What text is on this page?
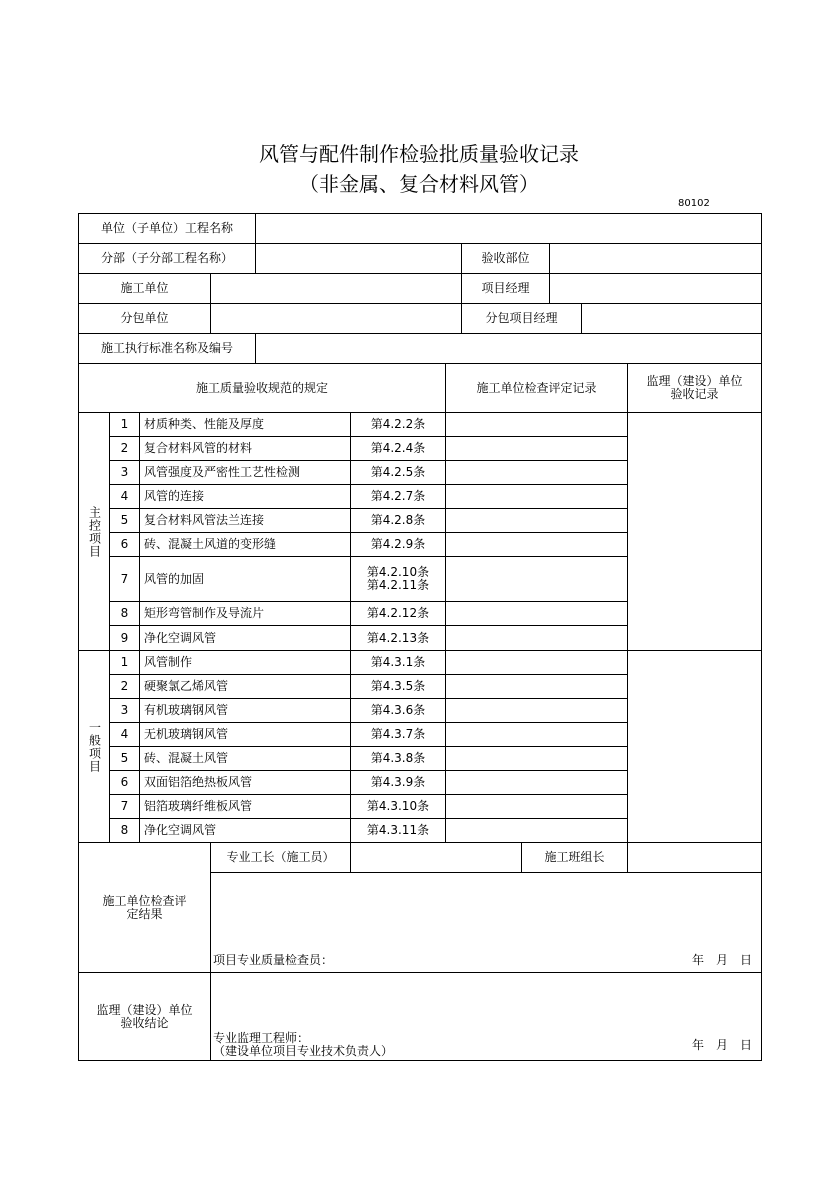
风管与配件制作检验批质量验收记录
（非金属、复合材料风管）
80102
单位（子单位）工程名称
分部（子分部工程名称）	验收部位
施工单位	项目经理
分包单位	分包项目经理
施工执行标准名称及编号
施工质量验收规范的规定	施工单位检查评定记录	监理（建设）单位验收记录
主控项目
1	材质种类、性能及厚度	第4.2.2条
2	复合材料风管的材料	第4.2.4条
3	风管强度及严密性工艺性检测	第4.2.5条
4	风管的连接	第4.2.7条
5	复合材料风管法兰连接	第4.2.8条
6	砖、混凝土风道的变形缝	第4.2.9条
7	风管的加固	第4.2.10条
第4.2.11条
8	矩形弯管制作及导流片	第4.2.12条
9	净化空调风管	第4.2.13条
一般项目
1	风管制作	第4.3.1条
2	硬聚氯乙烯风管	第4.3.5条
3	有机玻璃钢风管	第4.3.6条
4	无机玻璃钢风管	第4.3.7条
5	砖、混凝土风管	第4.3.8条
6	双面铝箔绝热板风管	第4.3.9条
7	铝箔玻璃纤维板风管	第4.3.10条
8	净化空调风管	第4.3.11条
施工单位检查评定结果
专业工长（施工员）	施工班组长
项目专业质量检查员：	年　月　日
监理（建设）单位验收结论
专业监理工程师：
（建设单位项目专业技术负责人）	年　月　日
